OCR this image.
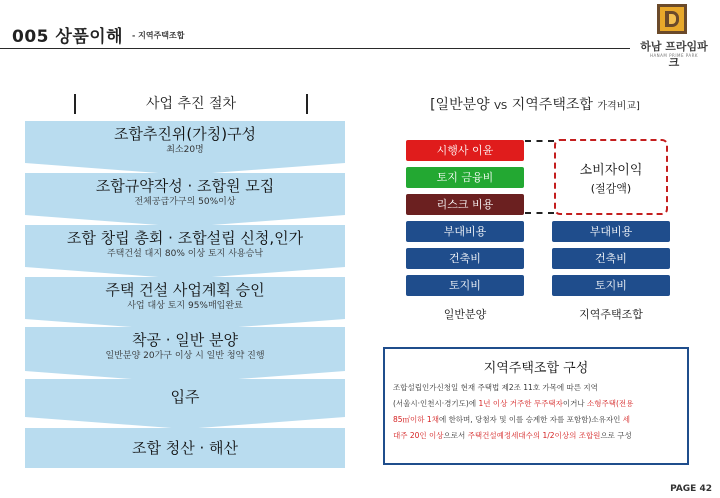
005 상품이해 - 지역주택조합
하남 프라임파크
HANAM PRIME PARK
사업 추진 절차
조합추진위(가칭)구성
최소20명
조합규약작성 · 조합원 모집
전체공급가구의 50%이상
조합 창립 총회 · 조합설립 신청,인가
주택건설 대지 80% 이상 토지 사용승낙
주택 건설 사업계획 승인
사업 대상 토지 95%매입완료
착공 · 일반 분양
일반분양 20가구 이상 시 일반 청약 진행
입주
조합 청산 · 해산
[일반분양 VS 지역주택조합 가격비교]
시행사 이윤
토지 금융비
리스크 비용
부대비용
건축비
토지비
소비자이익
(절감액)
부대비용
건축비
토지비
일반분양	지역주택조합
지역주택조합 구성
조합설립인가신청일 현재 주택법 제2조 11호 가목에 따른 지역
(서울시·인천시·경기도)에 1년 이상 거주한 무주택자이거나 소형주택(전용
85㎡이하 1채에 한하며, 당첨자 및 이를 승계한 자를 포함함)소유자인 세
대주 20인 이상으로서 주택건설예정세대수의 1/2이상의 조합원으로 구성
PAGE 42
